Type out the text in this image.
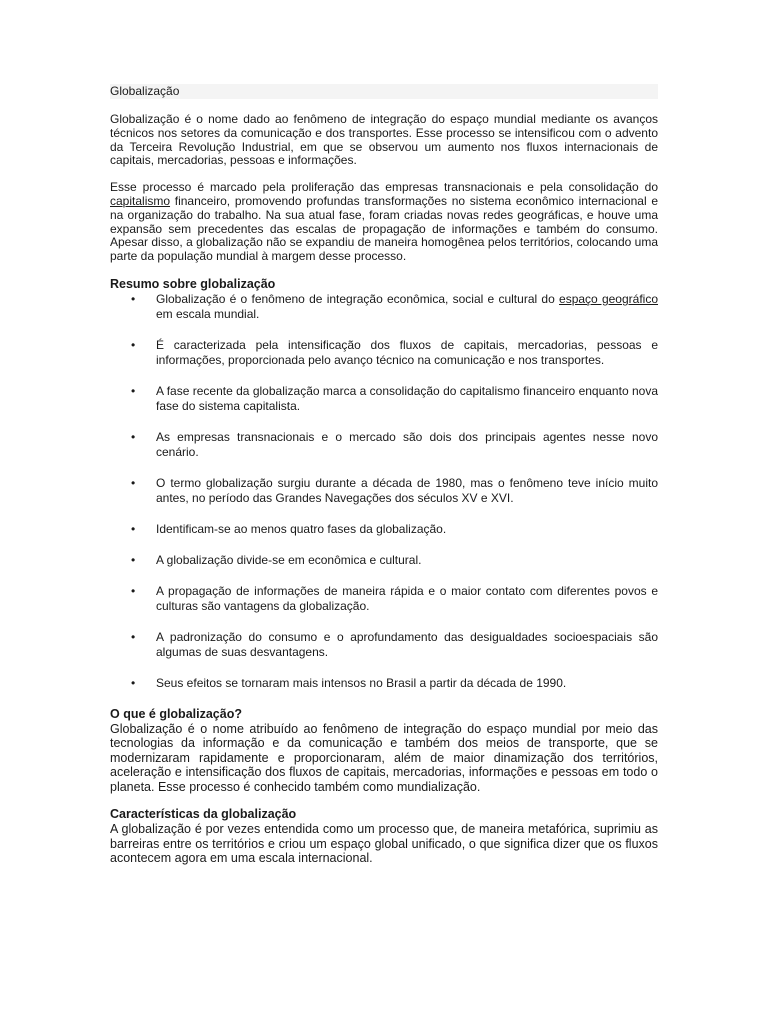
Globalização

Globalização é o nome dado ao fenômeno de integração do espaço mundial mediante os avanços técnicos nos setores da comunicação e dos transportes. Esse processo se intensificou com o advento da Terceira Revolução Industrial, em que se observou um aumento nos fluxos internacionais de capitais, mercadorias, pessoas e informações.

Esse processo é marcado pela proliferação das empresas transnacionais e pela consolidação do capitalismo financeiro, promovendo profundas transformações no sistema econômico internacional e na organização do trabalho. Na sua atual fase, foram criadas novas redes geográficas, e houve uma expansão sem precedentes das escalas de propagação de informações e também do consumo. Apesar disso, a globalização não se expandiu de maneira homogênea pelos territórios, colocando uma parte da população mundial à margem desse processo.

Resumo sobre globalização
• Globalização é o fenômeno de integração econômica, social e cultural do espaço geográfico em escala mundial.
• É caracterizada pela intensificação dos fluxos de capitais, mercadorias, pessoas e informações, proporcionada pelo avanço técnico na comunicação e nos transportes.
• A fase recente da globalização marca a consolidação do capitalismo financeiro enquanto nova fase do sistema capitalista.
• As empresas transnacionais e o mercado são dois dos principais agentes nesse novo cenário.
• O termo globalização surgiu durante a década de 1980, mas o fenômeno teve início muito antes, no período das Grandes Navegações dos séculos XV e XVI.
• Identificam-se ao menos quatro fases da globalização.
• A globalização divide-se em econômica e cultural.
• A propagação de informações de maneira rápida e o maior contato com diferentes povos e culturas são vantagens da globalização.
• A padronização do consumo e o aprofundamento das desigualdades socioespaciais são algumas de suas desvantagens.
• Seus efeitos se tornaram mais intensos no Brasil a partir da década de 1990.
O que é globalização?

Globalização é o nome atribuído ao fenômeno de integração do espaço mundial por meio das tecnologias da informação e da comunicação e também dos meios de transporte, que se modernizaram rapidamente e proporcionaram, além de maior dinamização dos territórios, aceleração e intensificação dos fluxos de capitais, mercadorias, informações e pessoas em todo o planeta. Esse processo é conhecido também como mundialização.

Características da globalização

A globalização é por vezes entendida como um processo que, de maneira metafórica, suprimiu as barreiras entre os territórios e criou um espaço global unificado, o que significa dizer que os fluxos acontecem agora em uma escala internacional.
